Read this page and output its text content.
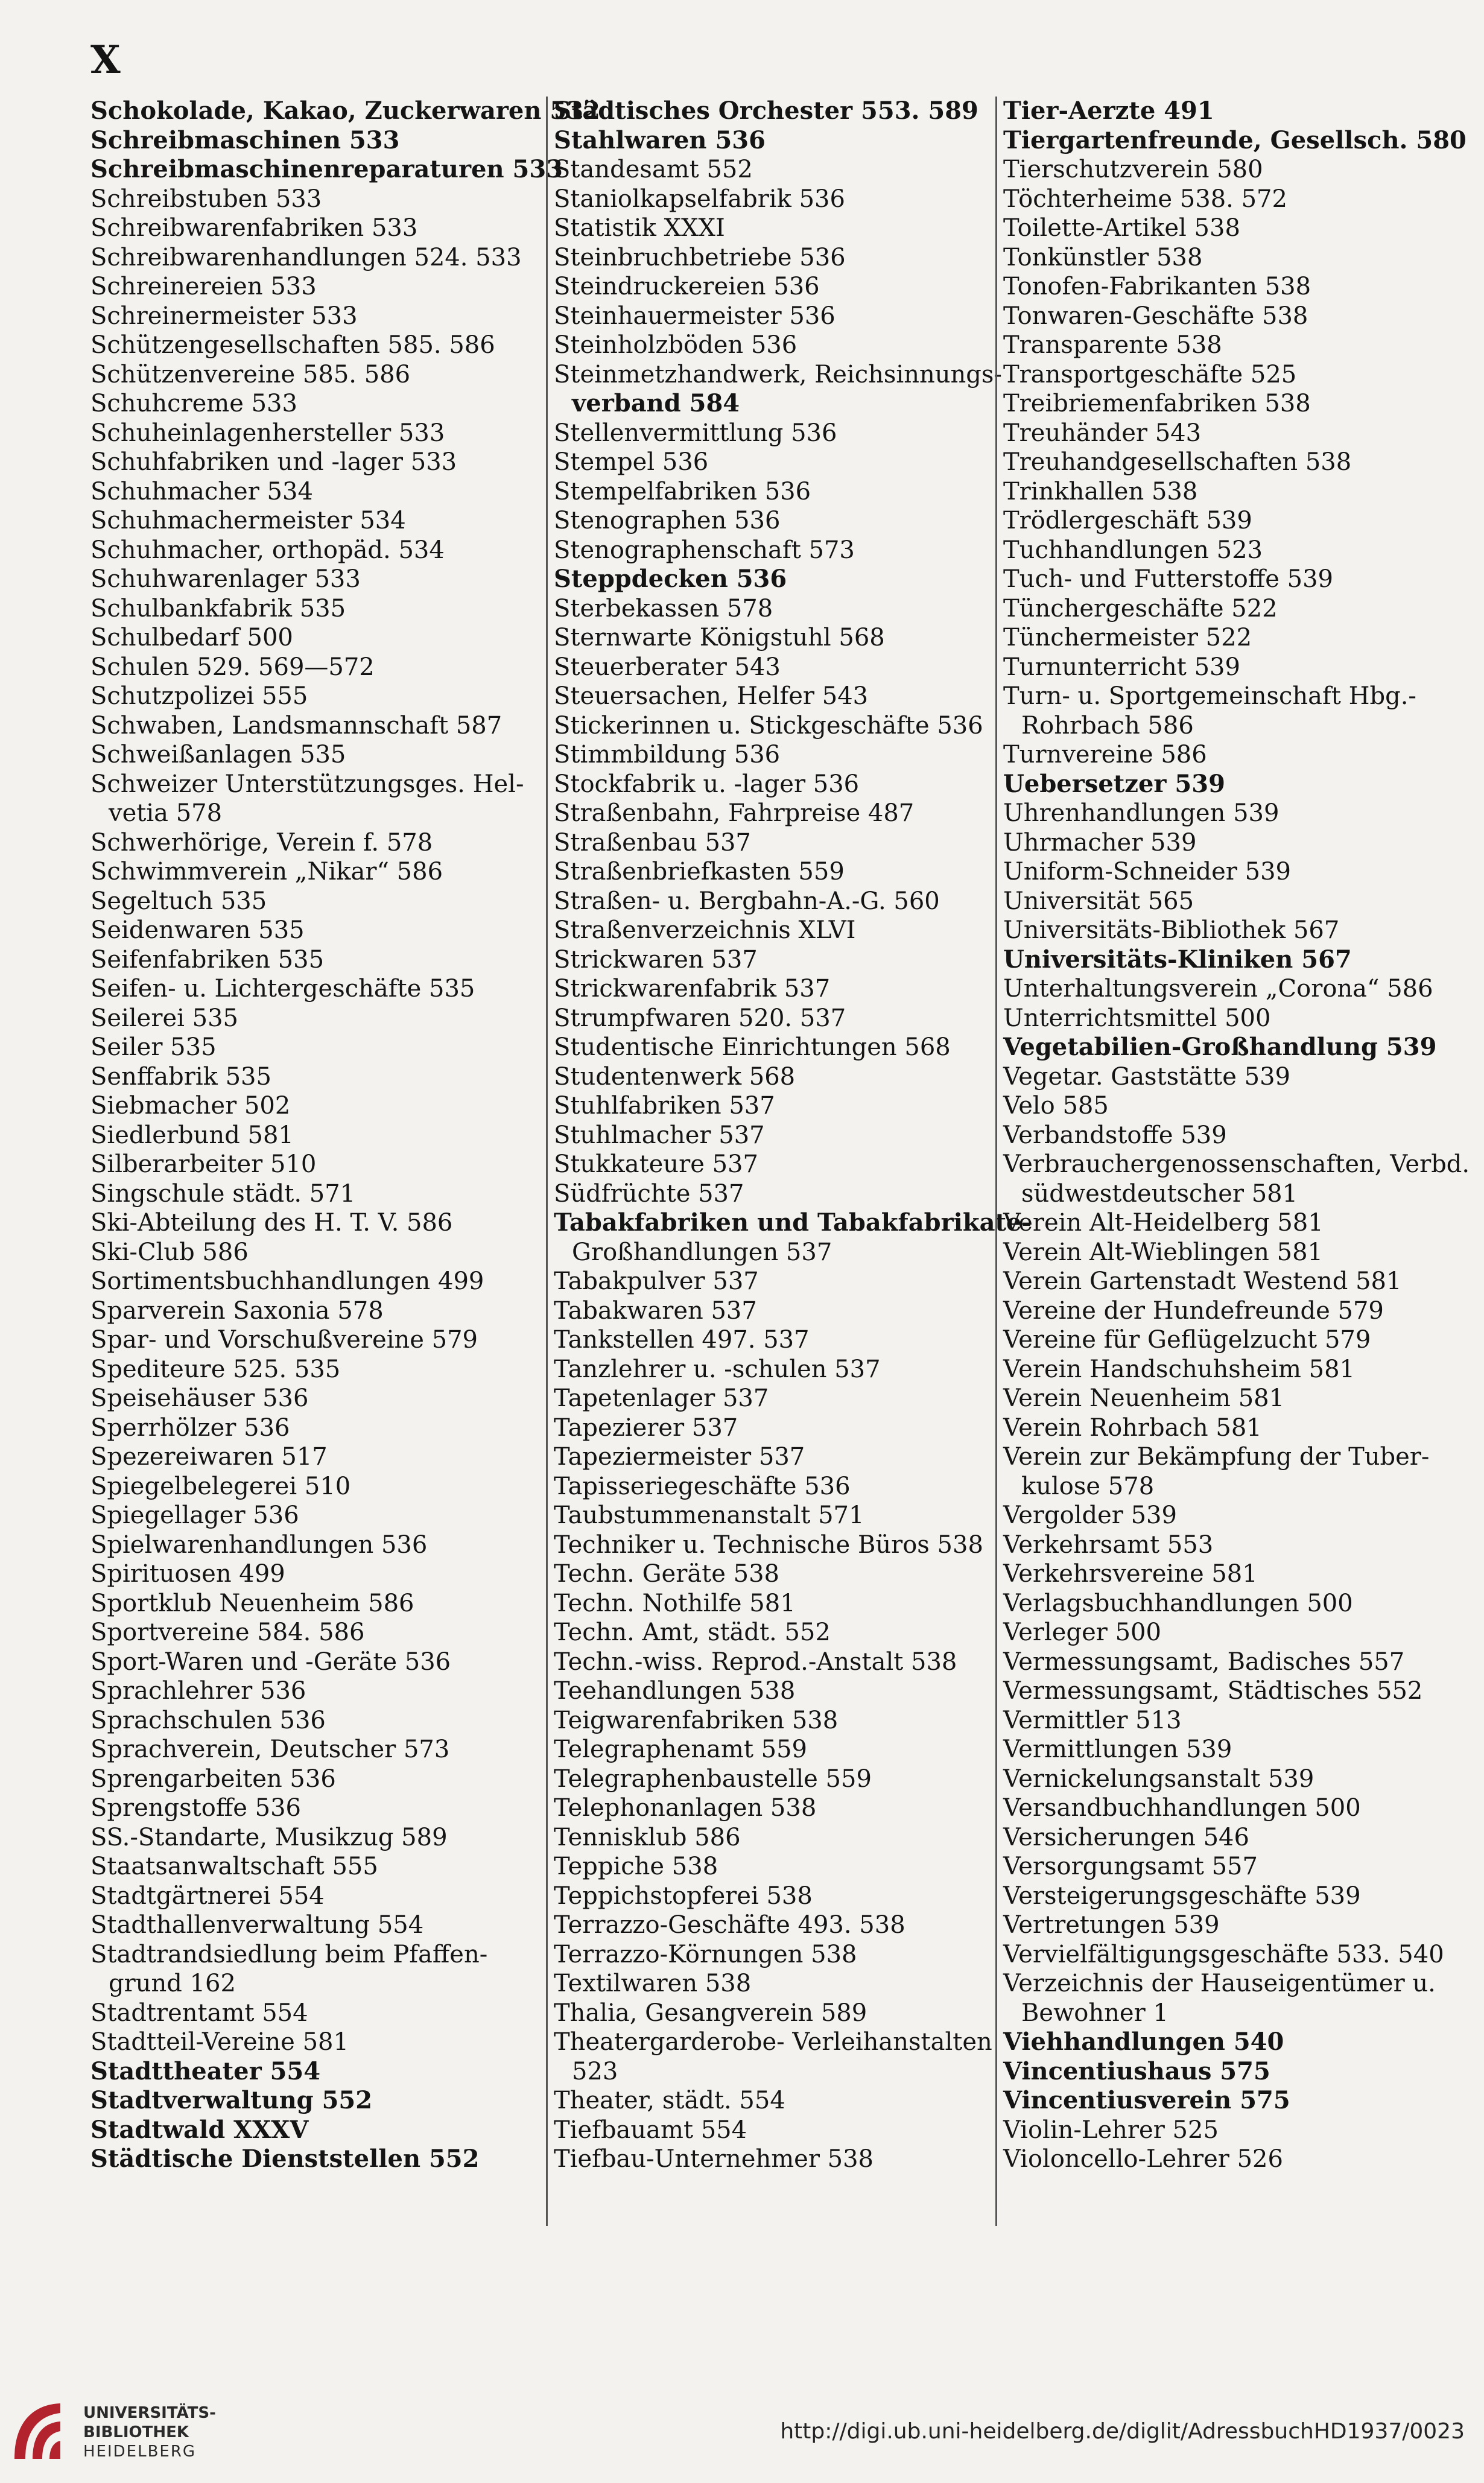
X
Schokolade, Kakao, Zuckerwaren 532
Schreibmaschinen 533
Schreibmaschinenreparaturen 533
Schreibstuben 533
Schreibwarenfabriken 533
Schreibwarenhandlungen 524. 533
Schreinereien 533
Schreinermeister 533
Schützengesellschaften 585. 586
Schützenvereine 585. 586
Schuhcreme 533
Schuheinlagenhersteller 533
Schuhfabriken und -lager 533
Schuhmacher 534
Schuhmachermeister 534
Schuhmacher, orthopäd. 534
Schuhwarenlager 533
Schulbankfabrik 535
Schulbedarf 500
Schulen 529. 569—572
Schutzpolizei 555
Schwaben, Landsmannschaft 587
Schweißanlagen 535
Schweizer Unterstützungsges. Hel-
vetia 578
Schwerhörige, Verein f. 578
Schwimmverein „Nikar“ 586
Segeltuch 535
Seidenwaren 535
Seifenfabriken 535
Seifen- u. Lichtergeschäfte 535
Seilerei 535
Seiler 535
Senffabrik 535
Siebmacher 502
Siedlerbund 581
Silberarbeiter 510
Singschule städt. 571
Ski-Abteilung des H. T. V. 586
Ski-Club 586
Sortimentsbuchhandlungen 499
Sparverein Saxonia 578
Spar- und Vorschußvereine 579
Spediteure 525. 535
Speisehäuser 536
Sperrhölzer 536
Spezereiwaren 517
Spiegelbelegerei 510
Spiegellager 536
Spielwarenhandlungen 536
Spirituosen 499
Sportklub Neuenheim 586
Sportvereine 584. 586
Sport-Waren und -Geräte 536
Sprachlehrer 536
Sprachschulen 536
Sprachverein, Deutscher 573
Sprengarbeiten 536
Sprengstoffe 536
SS.-Standarte, Musikzug 589
Staatsanwaltschaft 555
Stadtgärtnerei 554
Stadthallenverwaltung 554
Stadtrandsiedlung beim Pfaffen-
grund 162
Stadtrentamt 554
Stadtteil-Vereine 581
Stadttheater 554
Stadtverwaltung 552
Stadtwald XXXV
Städtische Dienststellen 552
Städtisches Orchester 553. 589
Stahlwaren 536
Standesamt 552
Staniolkapselfabrik 536
Statistik XXXI
Steinbruchbetriebe 536
Steindruckereien 536
Steinhauermeister 536
Steinholzböden 536
Steinmetzhandwerk, Reichsinnungs-
verband 584
Stellenvermittlung 536
Stempel 536
Stempelfabriken 536
Stenographen 536
Stenographenschaft 573
Steppdecken 536
Sterbekassen 578
Sternwarte Königstuhl 568
Steuerberater 543
Steuersachen, Helfer 543
Stickerinnen u. Stickgeschäfte 536
Stimmbildung 536
Stockfabrik u. -lager 536
Straßenbahn, Fahrpreise 487
Straßenbau 537
Straßenbriefkasten 559
Straßen- u. Bergbahn-A.-G. 560
Straßenverzeichnis XLVI
Strickwaren 537
Strickwarenfabrik 537
Strumpfwaren 520. 537
Studentische Einrichtungen 568
Studentenwerk 568
Stuhlfabriken 537
Stuhlmacher 537
Stukkateure 537
Südfrüchte 537
Tabakfabriken und Tabakfabrikate-
Großhandlungen 537
Tabakpulver 537
Tabakwaren 537
Tankstellen 497. 537
Tanzlehrer u. -schulen 537
Tapetenlager 537
Tapezierer 537
Tapeziermeister 537
Tapisseriegeschäfte 536
Taubstummenanstalt 571
Techniker u. Technische Büros 538
Techn. Geräte 538
Techn. Nothilfe 581
Techn. Amt, städt. 552
Techn.-wiss. Reprod.-Anstalt 538
Teehandlungen 538
Teigwarenfabriken 538
Telegraphenamt 559
Telegraphenbaustelle 559
Telephonanlagen 538
Tennisklub 586
Teppiche 538
Teppichstopferei 538
Terrazzo-Geschäfte 493. 538
Terrazzo-Körnungen 538
Textilwaren 538
Thalia, Gesangverein 589
Theatergarderobe- Verleihanstalten
523
Theater, städt. 554
Tiefbauamt 554
Tiefbau-Unternehmer 538
Tier-Aerzte 491
Tiergartenfreunde, Gesellsch. 580
Tierschutzverein 580
Töchterheime 538. 572
Toilette-Artikel 538
Tonkünstler 538
Tonofen-Fabrikanten 538
Tonwaren-Geschäfte 538
Transparente 538
Transportgeschäfte 525
Treibriemenfabriken 538
Treuhänder 543
Treuhandgesellschaften 538
Trinkhallen 538
Trödlergeschäft 539
Tuchhandlungen 523
Tuch- und Futterstoffe 539
Tünchergeschäfte 522
Tünchermeister 522
Turnunterricht 539
Turn- u. Sportgemeinschaft Hbg.-
Rohrbach 586
Turnvereine 586
Uebersetzer 539
Uhrenhandlungen 539
Uhrmacher 539
Uniform-Schneider 539
Universität 565
Universitäts-Bibliothek 567
Universitäts-Kliniken 567
Unterhaltungsverein „Corona“ 586
Unterrichtsmittel 500
Vegetabilien-Großhandlung 539
Vegetar. Gaststätte 539
Velo 585
Verbandstoffe 539
Verbrauchergenossenschaften, Verbd.
südwestdeutscher 581
Verein Alt-Heidelberg 581
Verein Alt-Wieblingen 581
Verein Gartenstadt Westend 581
Vereine der Hundefreunde 579
Vereine für Geflügelzucht 579
Verein Handschuhsheim 581
Verein Neuenheim 581
Verein Rohrbach 581
Verein zur Bekämpfung der Tuber-
kulose 578
Vergolder 539
Verkehrsamt 553
Verkehrsvereine 581
Verlagsbuchhandlungen 500
Verleger 500
Vermessungsamt, Badisches 557
Vermessungsamt, Städtisches 552
Vermittler 513
Vermittlungen 539
Vernickelungsanstalt 539
Versandbuchhandlungen 500
Versicherungen 546
Versorgungsamt 557
Versteigerungsgeschäfte 539
Vertretungen 539
Vervielfältigungsgeschäfte 533. 540
Verzeichnis der Hauseigentümer u.
Bewohner 1
Viehhandlungen 540
Vincentiushaus 575
Vincentiusverein 575
Violin-Lehrer 525
Violoncello-Lehrer 526
UNIVERSITÄTS-
BIBLIOTHEK
HEIDELBERG
http://digi.ub.uni-heidelberg.de/diglit/AdressbuchHD1937/0023
